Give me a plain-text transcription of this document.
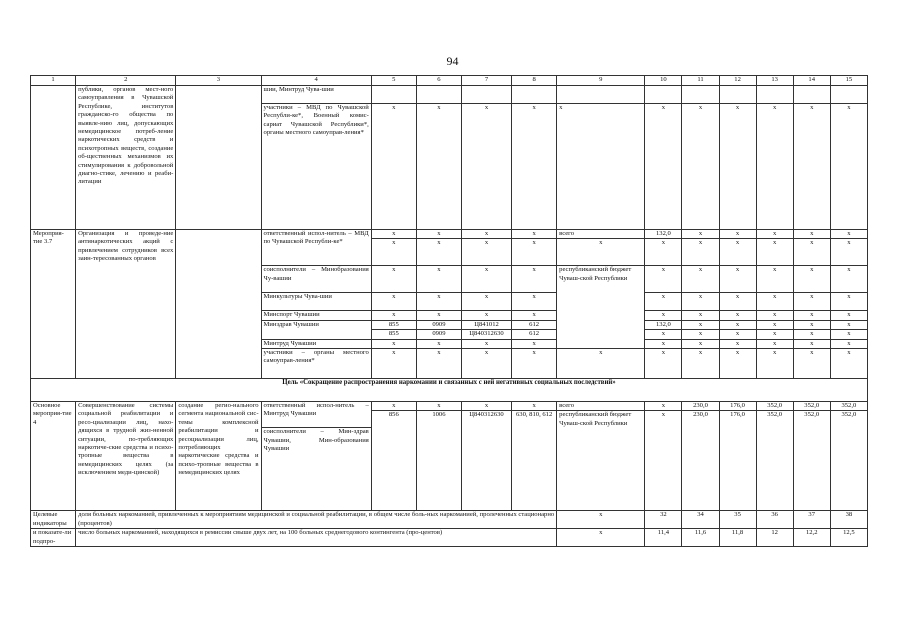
94
1	2	3	4	5	6	7	8	9	10	11	12	13	14	15
	публики, органов мест-ного самоуправления в Чувашской Республике, институтов гражданско-го общества по выявле-нию лиц, допускающих немедицинское потреб-ление наркотических средств и психотропных веществ, создание об-щественных механизмов их стимулирования к добровольной диагно-стике, лечению и реаби-литации		шии, Минтруд Чува-шии											
			участники – МВД по Чувашской Республи-ке*, Военный комис-сариат Чувашской Республики*, органы местного самоуправ-ления*	х	х	х	х	х	х	х	х	х	х	х
Мероприя-тие 3.7	Организация и проведе-ние антинаркотических акций с привлечением сотрудников всех заин-тересованных органов		ответственный испол-нитель – МВД по Чувашской Республи-ке*	х	х	х	х	всего	132,0	х	х	х	х	х
				х	х	х	х	х	х	х	х	х	х	х
			соисполнители – Минобразования Чу-вашии	х	х	х	х	республиканский бюджет Чуваш-ской Республики	х	х	х	х	х	х
			Минкультуры Чува-шии	х	х	х	х		х	х	х	х	х	х
			Минспорт Чувашии	х	х	х	х		х	х	х	х	х	х
			Минздрав Чувашии	855	0909	Ц841012	612		132,0	х	х	х	х	х
				855	0909	Ц840312630	612		х	х	х	х	х	х
			Минтруд Чувашии	х	х	х	х		х	х	х	х	х	х
			участники – органы местного самоуправ-ления*	х	х	х	х	х	х	х	х	х	х	х
Цель «Сокращение распространения наркомании и связанных с ней негативных социальных последствий»														
Основное мероприя-тие 4	Совершенствование системы социальной реабилитации и ресо-циализации лиц, нахо-дящихся в трудной жиз-ненной ситуации, по-требляющих наркотиче-ские средства и психо-тропные вещества в немедицинских целях (за исключением меди-цинской)	создание регио-нального сегмента национальной сис-темы комплексной реабилитации и ресоциализации лиц, потребляющих наркотические средства и психо-тропные вещества в немедицинских целях	ответственный испол-нитель – Минтруд Чувашии	х	х	х	х	всего	х	230,0	176,0	352,0	352,0	352,0
				856	1006	Ц840312630	630, 810, 612	республиканский бюджет Чуваш-ской Республики	х	230,0	176,0	352,0	352,0	352,0
			соисполнители – Мин-здрав Чувашии, Мин-образования Чувашии											
Целевые индикаторы	доля больных наркоманией, привлеченных к мероприятиям медицинской и социальной реабилитации, в общем числе боль-ных наркоманией, пролеченных стационарно (процентов)							х	32	34	35	36	37	38
и показате-ли подпро-	число больных наркоманией, находящихся в ремиссии свыше двух лет, на 100 больных среднегодового контингента (про-центов)							х	11,4	11,6	11,8	12	12,2	12,5
